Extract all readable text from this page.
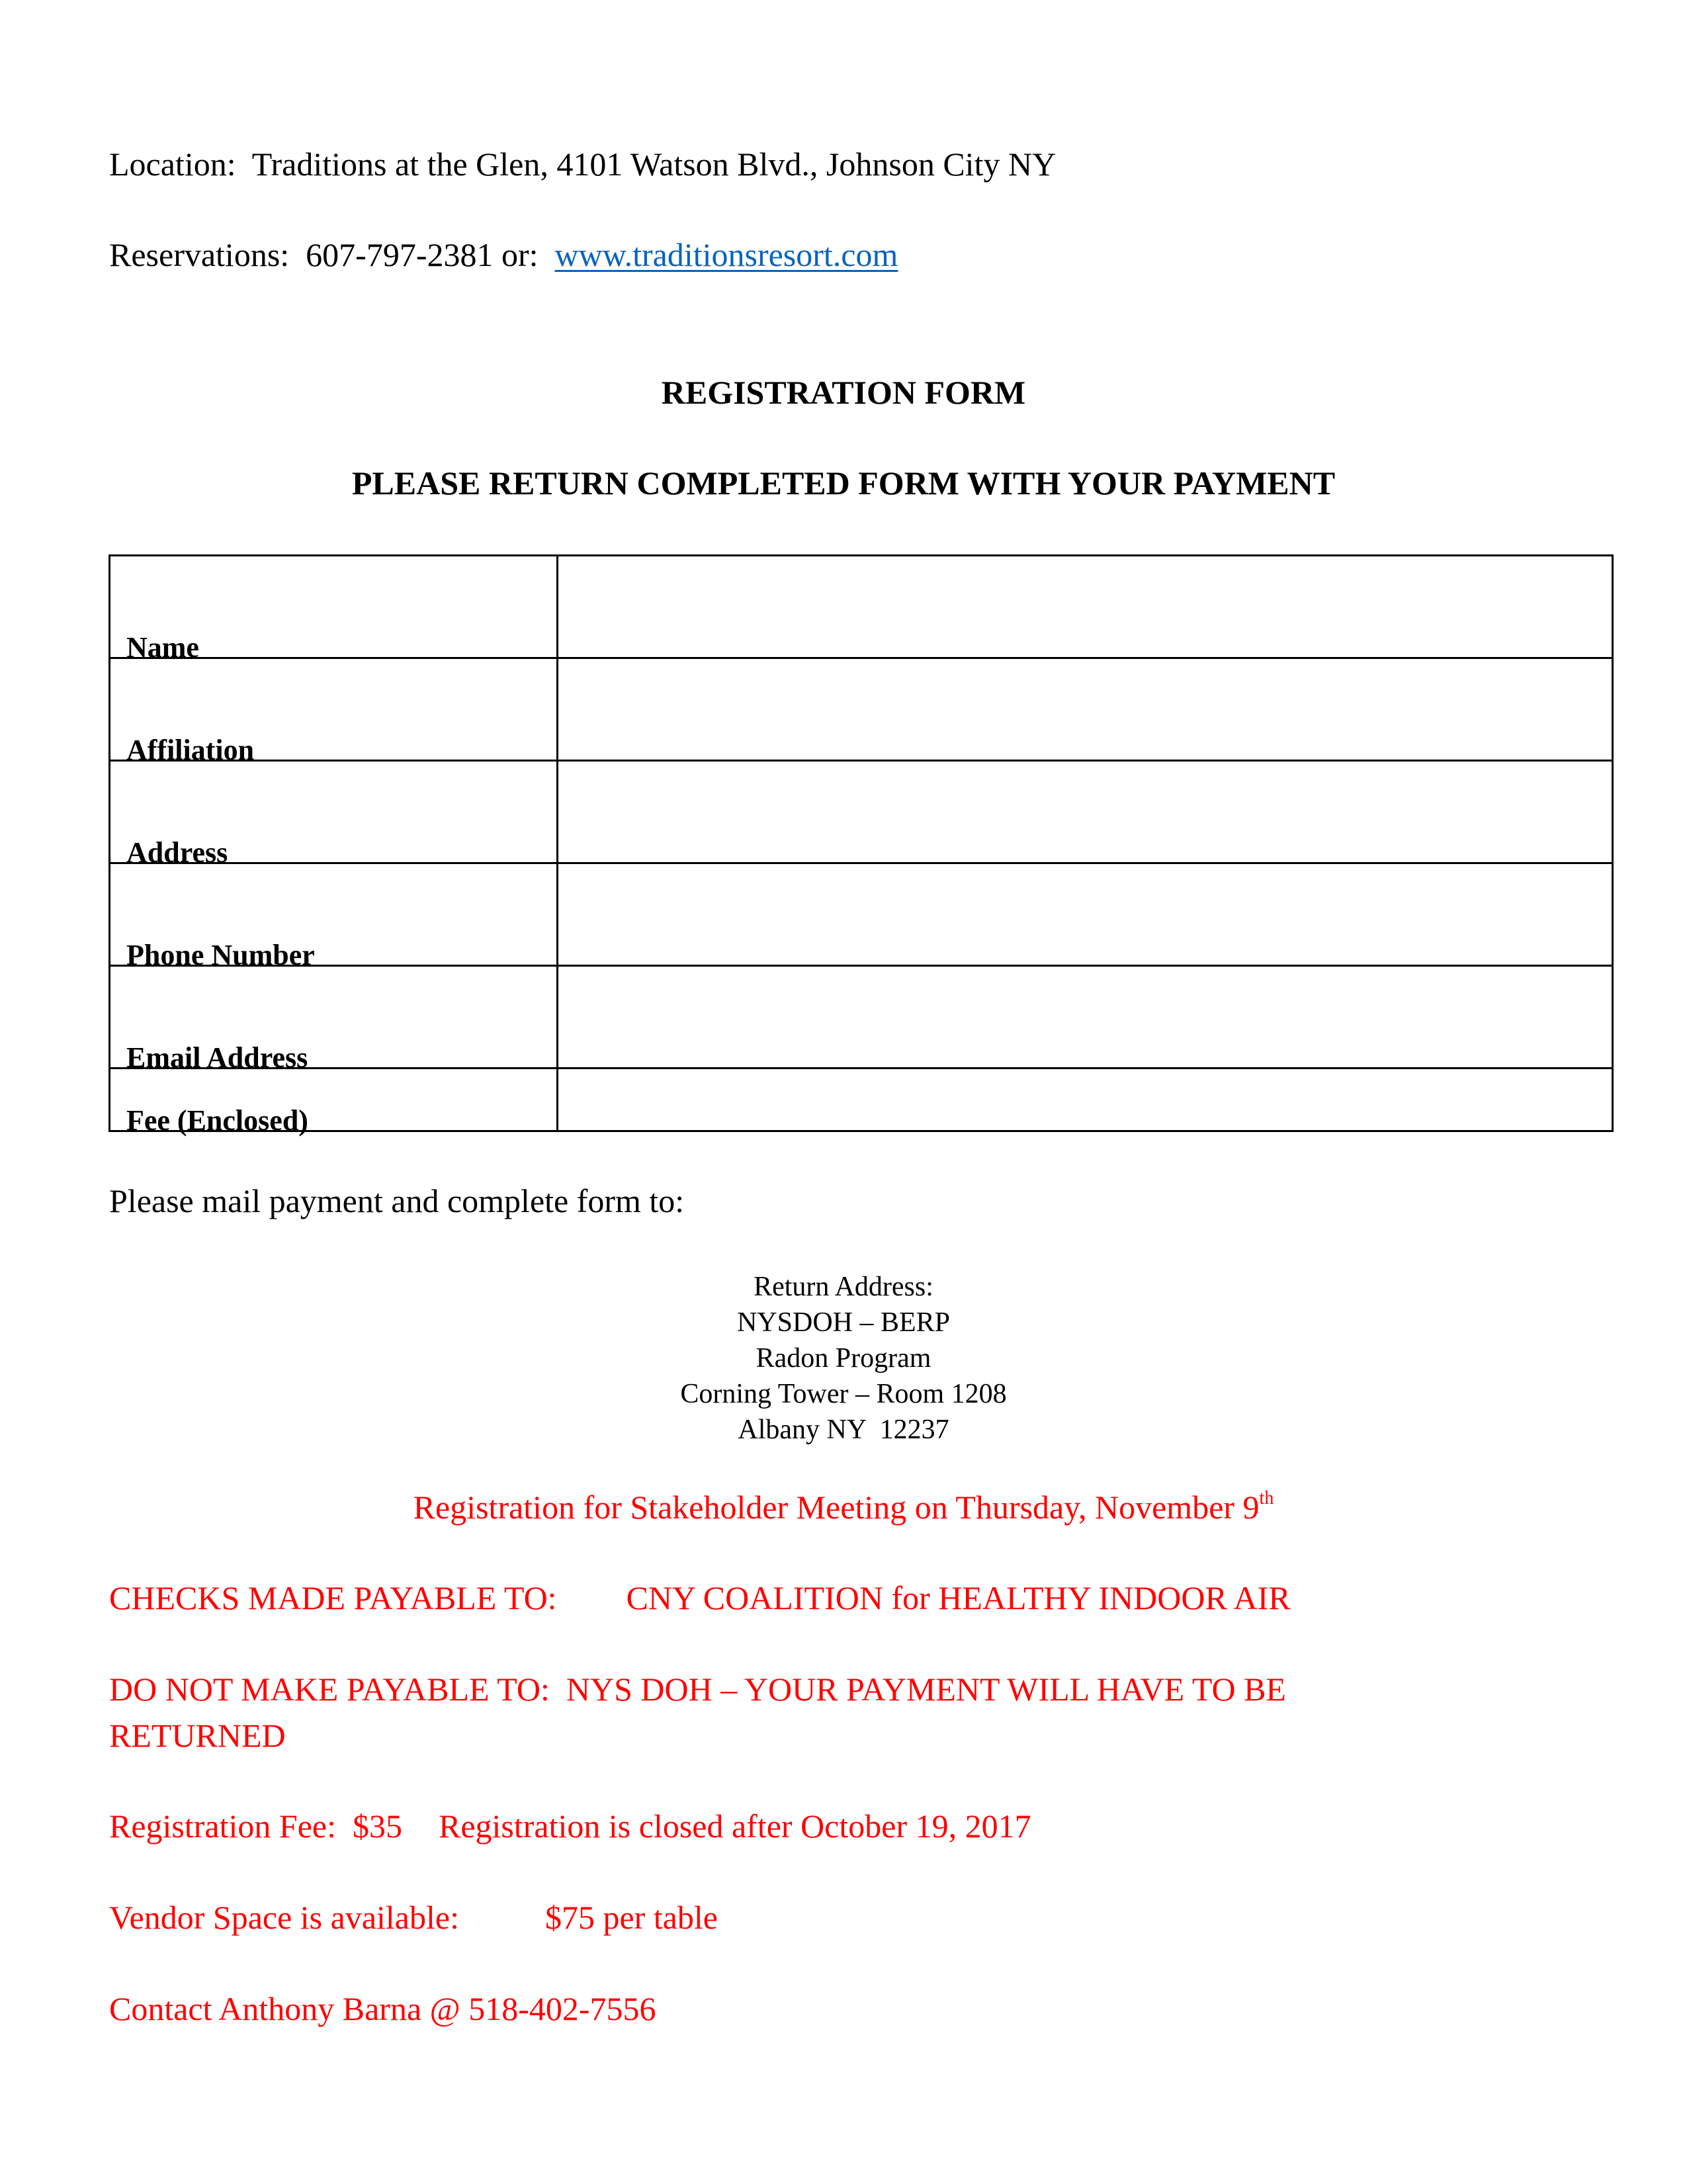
Location: Traditions at the Glen, 4101 Watson Blvd., Johnson City NY
Reservations: 607-797-2381 or: www.traditionsresort.com
REGISTRATION FORM
PLEASE RETURN COMPLETED FORM WITH YOUR PAYMENT
Name	
Affiliation	
Address	
Phone Number	
Email Address	
Fee (Enclosed)	
Please mail payment and complete form to:
Return Address:
NYSDOH – BERP
Radon Program
Corning Tower – Room 1208
Albany NY  12237
Registration for Stakeholder Meeting on Thursday, November 9th
CHECKS MADE PAYABLE TO: CNY COALITION for HEALTHY INDOOR AIR
DO NOT MAKE PAYABLE TO:  NYS DOH – YOUR PAYMENT WILL HAVE TO BE
RETURNED
Registration Fee:  $35 Registration is closed after October 19, 2017
Vendor Space is available:	$75 per table
Contact Anthony Barna @ 518-402-7556
